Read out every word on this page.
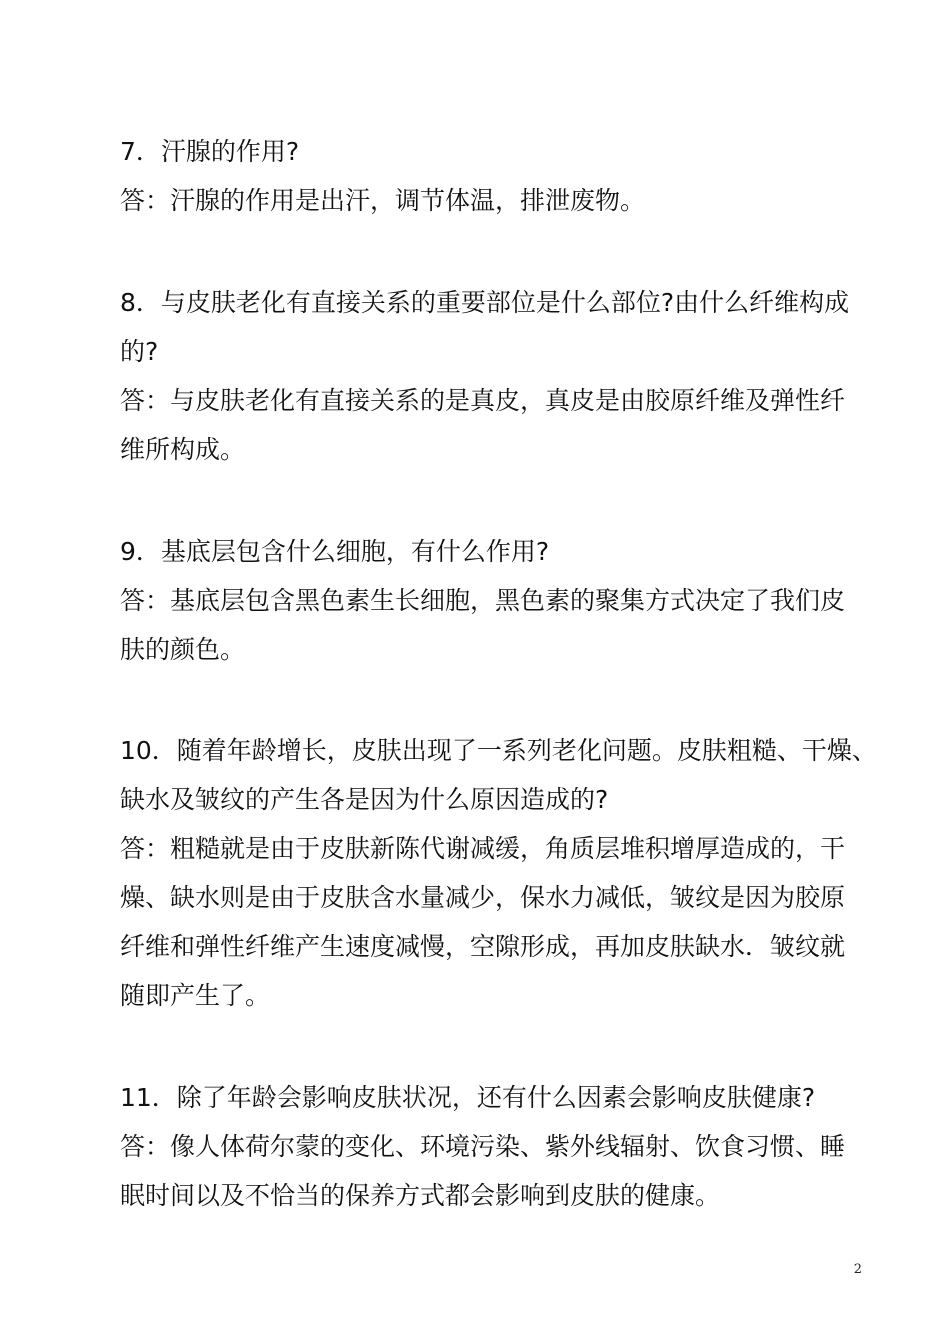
7．汗腺的作用?
答：汗腺的作用是出汗，调节体温，排泄废物。
8．与皮肤老化有直接关系的重要部位是什么部位?由什么纤维构成
的?
答：与皮肤老化有直接关系的是真皮，真皮是由胶原纤维及弹性纤
维所构成。
9．基底层包含什么细胞，有什么作用?
答：基底层包含黑色素生长细胞，黑色素的聚集方式决定了我们皮
肤的颜色。
10．随着年龄增长，皮肤出现了一系列老化问题。皮肤粗糙、干燥、
缺水及皱纹的产生各是因为什么原因造成的?
答：粗糙就是由于皮肤新陈代谢减缓，角质层堆积增厚造成的，干
燥、缺水则是由于皮肤含水量减少，保水力减低，皱纹是因为胶原
纤维和弹性纤维产生速度减慢，空隙形成，再加皮肤缺水．皱纹就
随即产生了。
11．除了年龄会影响皮肤状况，还有什么因素会影响皮肤健康?
答：像人体荷尔蒙的变化、环境污染、紫外线辐射、饮食习惯、睡
眠时间以及不恰当的保养方式都会影响到皮肤的健康。
2
